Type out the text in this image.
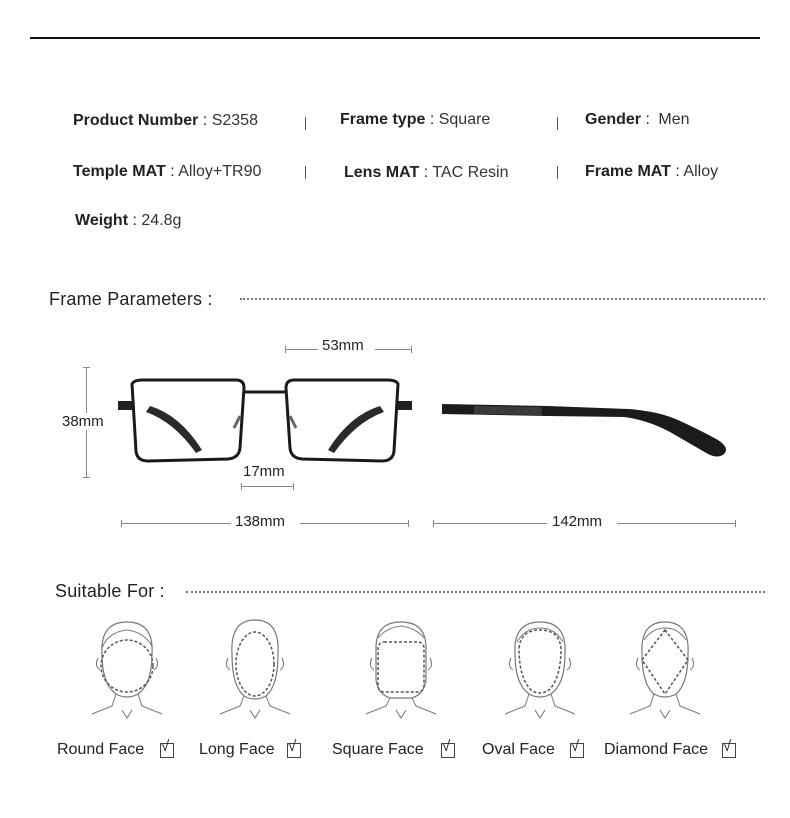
Product Number : S2358	Frame type : Square	Gender : Men
Temple MAT : Alloy+TR90	Lens MAT : TAC Resin	Frame MAT : Alloy
Weight : 24.8g
Frame Parameters :
53mm
38mm
17mm
138mm	142mm
Suitable For :
Round Face √ Long Face √ Square Face √ Oval Face √ Diamond Face √
